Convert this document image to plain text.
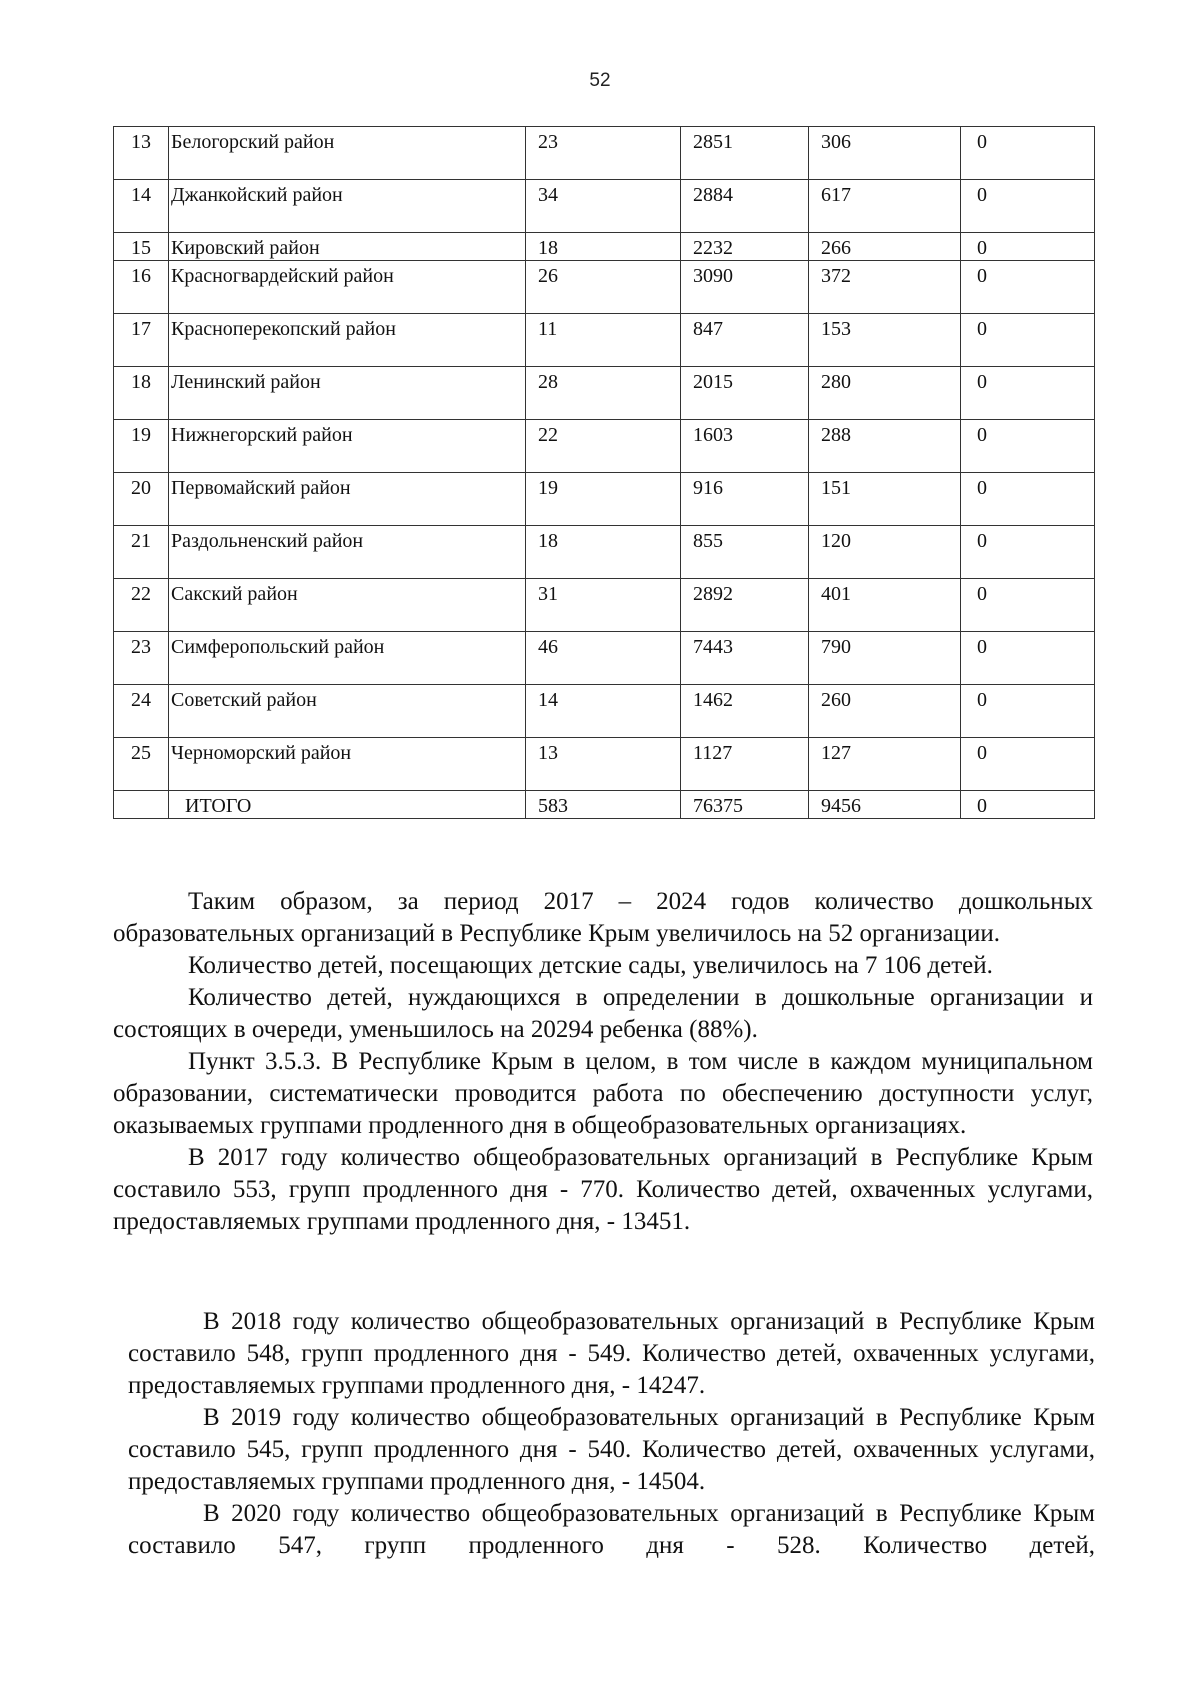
52
13	Белогорский район	23	2851	306	0
14	Джанкойский район	34	2884	617	0
15	Кировский район	18	2232	266	0
16	Красногвардейский район	26	3090	372	0
17	Красноперекопский район	11	847	153	0
18	Ленинский район	28	2015	280	0
19	Нижнегорский район	22	1603	288	0
20	Первомайский район	19	916	151	0
21	Раздольненский район	18	855	120	0
22	Сакский район	31	2892	401	0
23	Симферопольский район	46	7443	790	0
24	Советский район	14	1462	260	0
25	Черноморский район	13	1127	127	0
	ИТОГО	583	76375	9456	0

Таким образом, за период 2017 – 2024 годов количество дошкольных образовательных организаций в Республике Крым увеличилось на 52 организации.

Количество детей, посещающих детские сады, увеличилось на 7 106 детей.

Количество детей, нуждающихся в определении в дошкольные организации и состоящих в очереди, уменьшилось на 20294 ребенка (88%).

Пункт 3.5.3. В Республике Крым в целом, в том числе в каждом муниципальном образовании, систематически проводится работа по обеспечению доступности услуг, оказываемых группами продленного дня в общеобразовательных организациях.

В 2017 году количество общеобразовательных организаций в Республике Крым составило 553, групп продленного дня - 770. Количество детей, охваченных услугами, предоставляемых группами продленного дня, - 13451.

В 2018 году количество общеобразовательных организаций в Республике Крым составило 548, групп продленного дня - 549. Количество детей, охваченных услугами, предоставляемых группами продленного дня, - 14247.

В 2019 году количество общеобразовательных организаций в Республике Крым составило 545, групп продленного дня - 540. Количество детей, охваченных услугами, предоставляемых группами продленного дня, - 14504.

В 2020 году количество общеобразовательных организаций в Республике Крым составило 547, групп продленного дня - 528. Количество детей,
